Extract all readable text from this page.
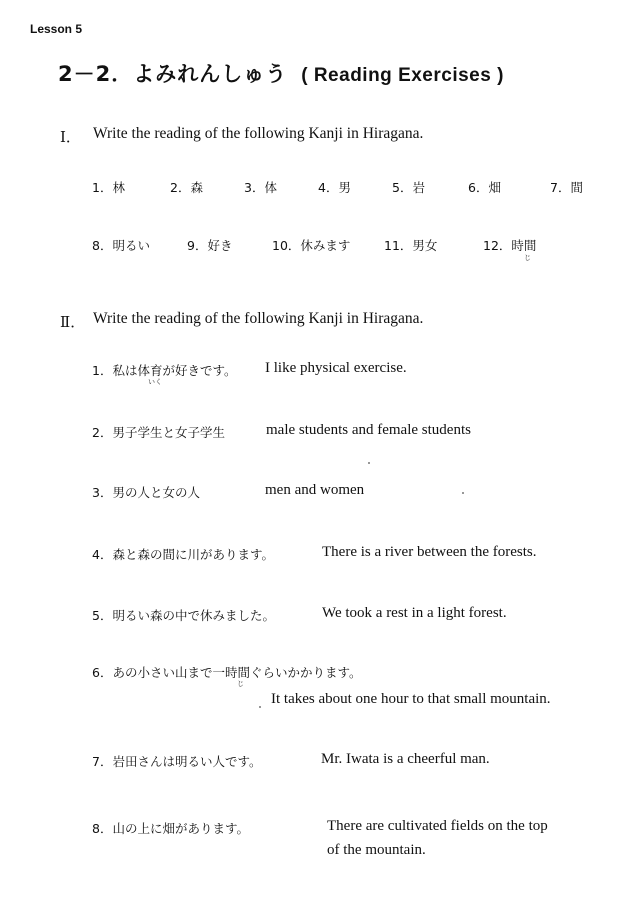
Lesson 5
2－2．よみれんしゅう ( Reading Exercises )
Ⅰ． Write the reading of the following Kanji in Hiragana.
1．林	2．森	3．体	4．男	5．岩	6．畑	7．間
8．明るい	9．好き	10．休みます	11．男女	12．時間
じ
Ⅱ． Write the reading of the following Kanji in Hiragana.
1．私は体育が好きです。
いく
I like physical exercise.
2．男子学生と女子学生	male students and female students
3．男の人と女の人	men and women
4．森と森の間に川があります。	There is a river between the forests.
5．明るい森の中で休みました。	We took a rest in a light forest.
6．あの小さい山まで一時間ぐらいかかります。
じ
It takes about one hour to that small mountain.
7．岩田さんは明るい人です。	Mr. Iwata is a cheerful man.
8．山の上に畑があります。	There are cultivated fields on the top
of the mountain.
